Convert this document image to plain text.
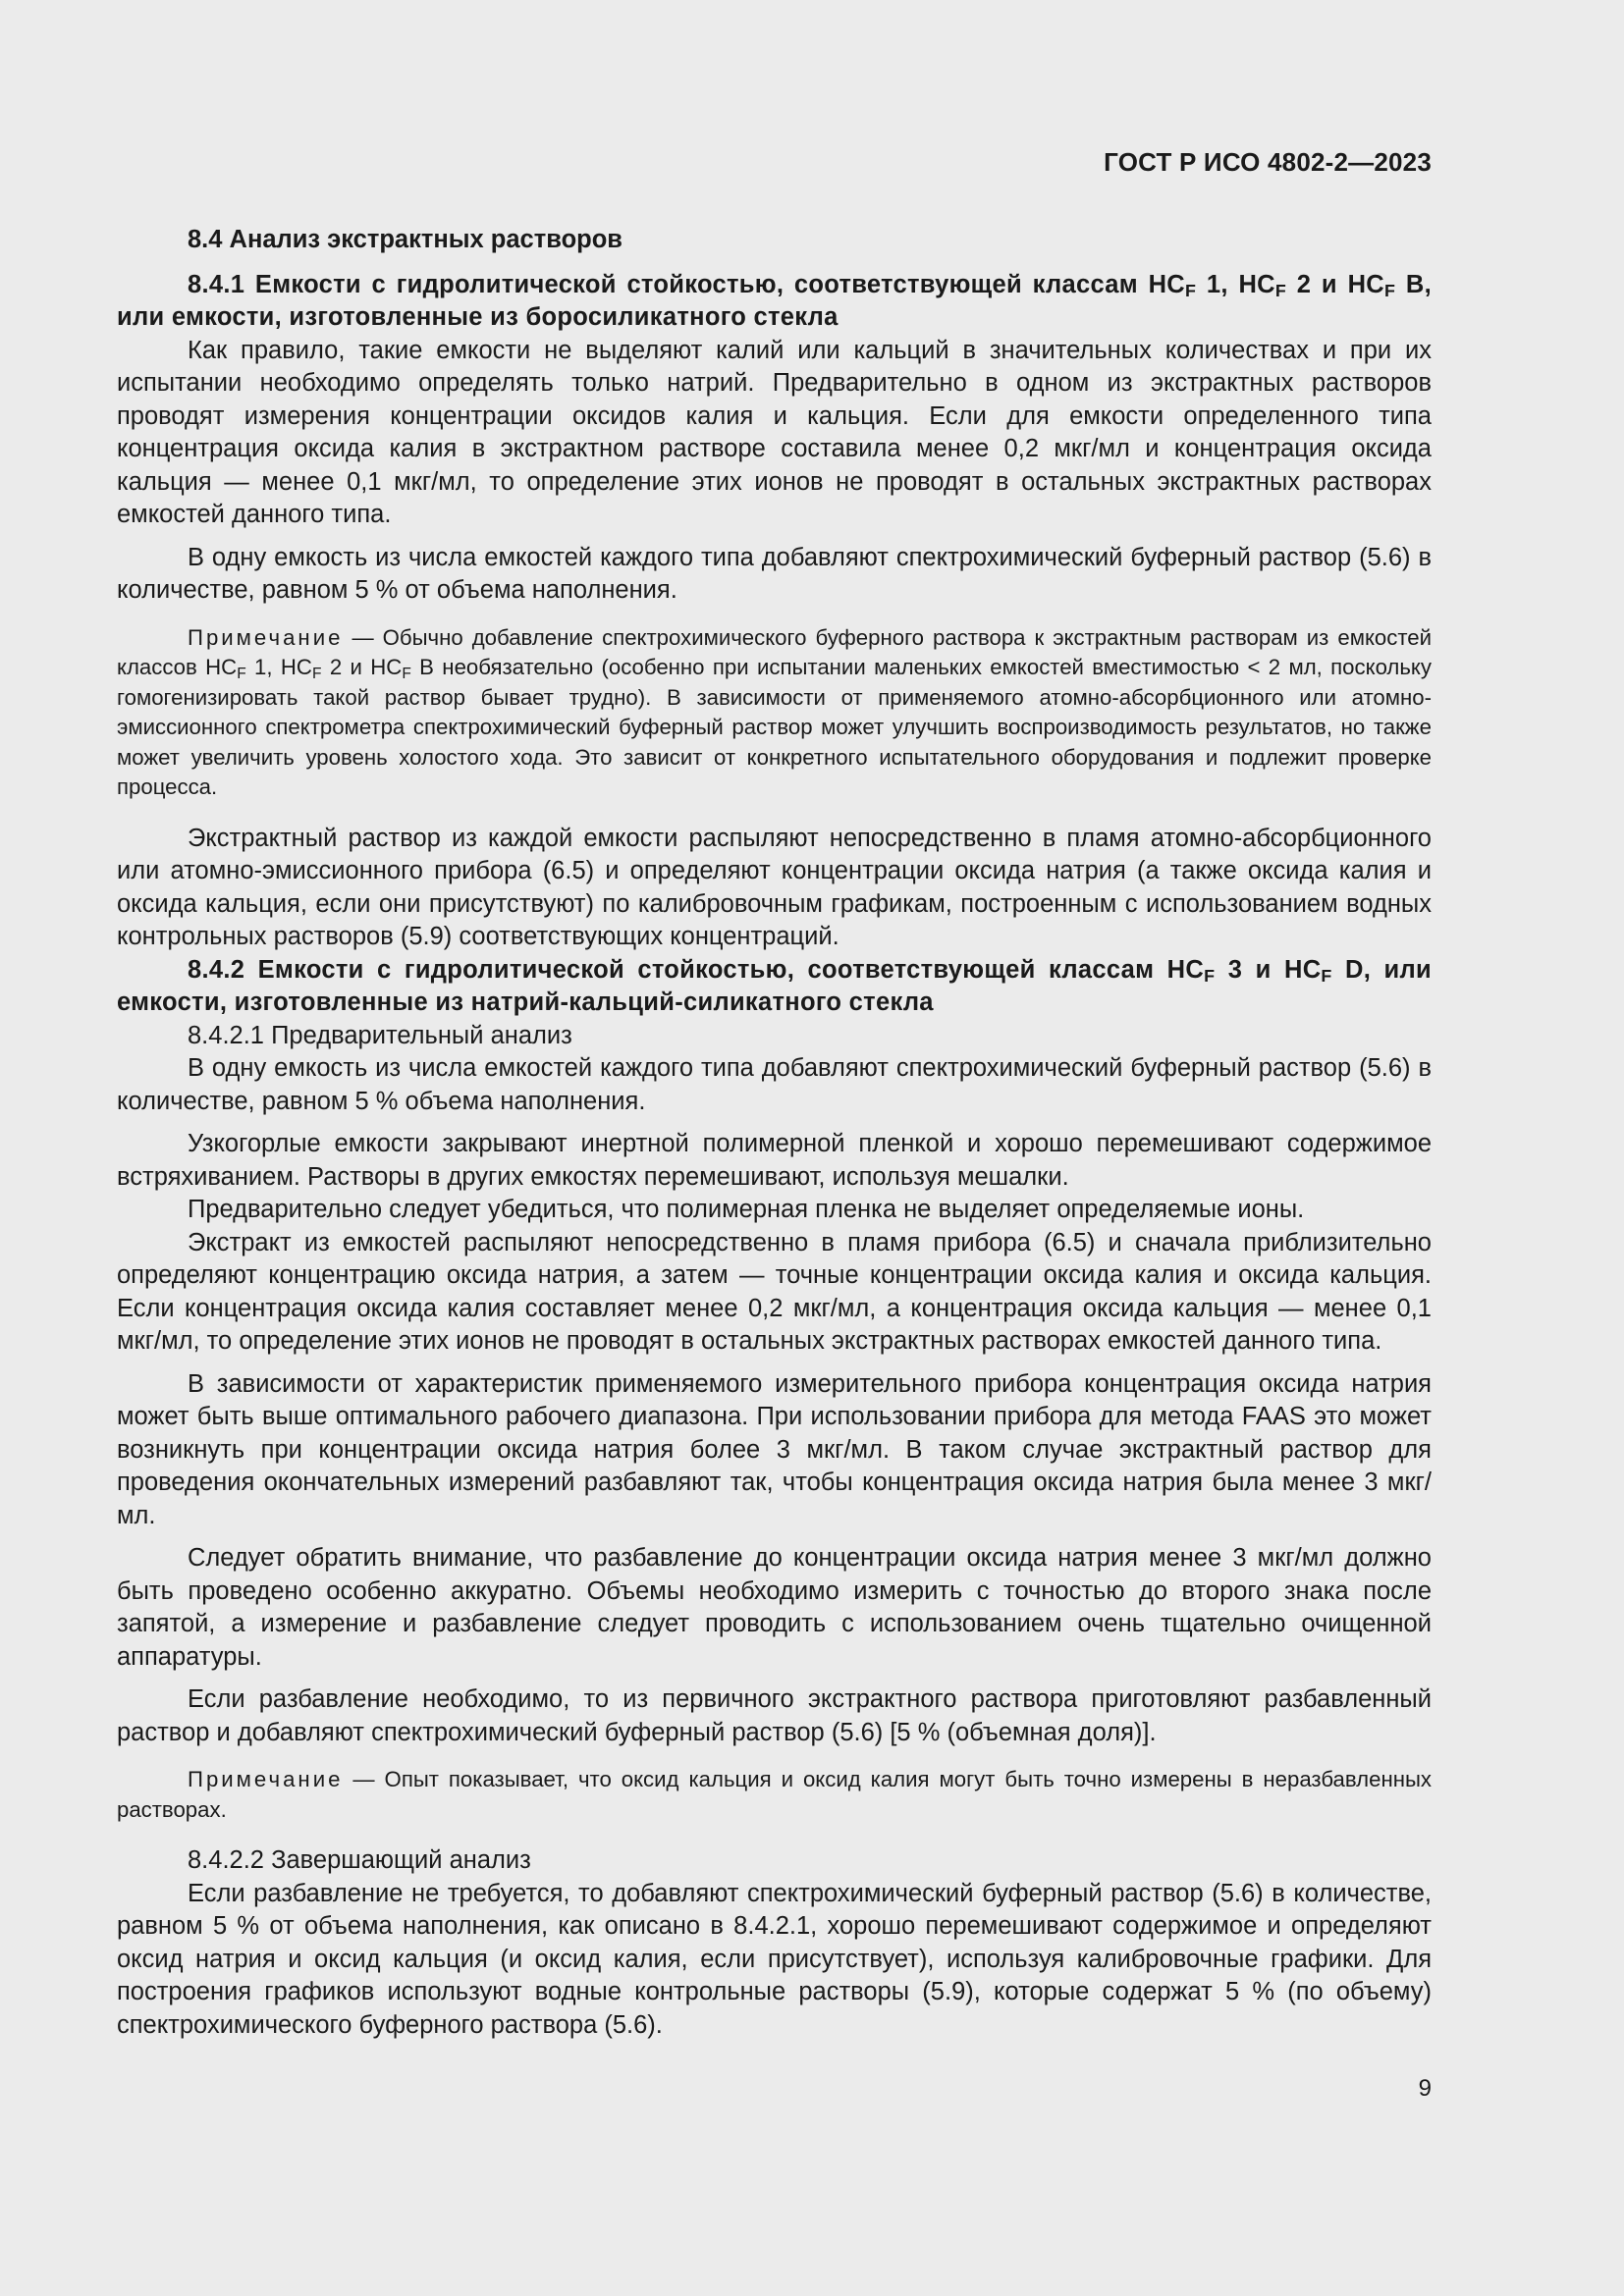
ГОСТ Р ИСО 4802-2—2023

8.4 Анализ экстрактных растворов

8.4.1 Емкости с гидролитической стойкостью, соответствующей классам $HC_F$ 1, $HC_F$ 2 и $HC_F$ B, или емкости, изготовленные из боросиликатного стекла

Как правило, такие емкости не выделяют калий или кальций в значительных количествах и при их испытании необходимо определять только натрий. Предварительно в одном из экстрактных растворов проводят измерения концентрации оксидов калия и кальция. Если для емкости определенного типа концентрация оксида калия в экстрактном растворе составила менее 0,2 мкг/мл и концентрация оксида кальция — менее 0,1 мкг/мл, то определение этих ионов не проводят в остальных экстрактных растворах емкостей данного типа.

В одну емкость из числа емкостей каждого типа добавляют спектрохимический буферный раствор (5.6) в количестве, равном 5 % от объема наполнения.

Примечание — Обычно добавление спектрохимического буферного раствора к экстрактным растворам из емкостей классов $HC_F$ 1, $HC_F$ 2 и $HC_F$ B необязательно (особенно при испытании маленьких емкостей вместимостью < 2 мл, поскольку гомогенизировать такой раствор бывает трудно). В зависимости от применяемого атомно-абсорбционного или атомно-эмиссионного спектрометра спектрохимический буферный раствор может улучшить воспроизводимость результатов, но также может увеличить уровень холостого хода. Это зависит от конкретного испытательного оборудования и подлежит проверке процесса.

Экстрактный раствор из каждой емкости распыляют непосредственно в пламя атомно-абсорбционного или атомно-эмиссионного прибора (6.5) и определяют концентрации оксида натрия (а также оксида калия и оксида кальция, если они присутствуют) по калибровочным графикам, построенным с использованием водных контрольных растворов (5.9) соответствующих концентраций.

8.4.2 Емкости с гидролитической стойкостью, соответствующей классам $HC_F$ 3 и $HC_F$ D, или емкости, изготовленные из натрий-кальций-силикатного стекла

8.4.2.1 Предварительный анализ

В одну емкость из числа емкостей каждого типа добавляют спектрохимический буферный раствор (5.6) в количестве, равном 5 % объема наполнения.

Узкогорлые емкости закрывают инертной полимерной пленкой и хорошо перемешивают содержимое встряхиванием. Растворы в других емкостях перемешивают, используя мешалки.

Предварительно следует убедиться, что полимерная пленка не выделяет определяемые ионы.

Экстракт из емкостей распыляют непосредственно в пламя прибора (6.5) и сначала приблизительно определяют концентрацию оксида натрия, а затем — точные концентрации оксида калия и оксида кальция. Если концентрация оксида калия составляет менее 0,2 мкг/мл, а концентрация оксида кальция — менее 0,1 мкг/мл, то определение этих ионов не проводят в остальных экстрактных растворах емкостей данного типа.

В зависимости от характеристик применяемого измерительного прибора концентрация оксида натрия может быть выше оптимального рабочего диапазона. При использовании прибора для метода FAAS это может возникнуть при концентрации оксида натрия более 3 мкг/мл. В таком случае экстрактный раствор для проведения окончательных измерений разбавляют так, чтобы концентрация оксида натрия была менее 3 мкг/мл.

Следует обратить внимание, что разбавление до концентрации оксида натрия менее 3 мкг/мл должно быть проведено особенно аккуратно. Объемы необходимо измерить с точностью до второго знака после запятой, а измерение и разбавление следует проводить с использованием очень тщательно очищенной аппаратуры.

Если разбавление необходимо, то из первичного экстрактного раствора приготовляют разбавленный раствор и добавляют спектрохимический буферный раствор (5.6) [5 % (объемная доля)].

Примечание — Опыт показывает, что оксид кальция и оксид калия могут быть точно измерены в неразбавленных растворах.

8.4.2.2 Завершающий анализ

Если разбавление не требуется, то добавляют спектрохимический буферный раствор (5.6) в количестве, равном 5 % от объема наполнения, как описано в 8.4.2.1, хорошо перемешивают содержимое и определяют оксид натрия и оксид кальция (и оксид калия, если присутствует), используя калибровочные графики. Для построения графиков используют водные контрольные растворы (5.9), которые содержат 5 % (по объему) спектрохимического буферного раствора (5.6).

9
